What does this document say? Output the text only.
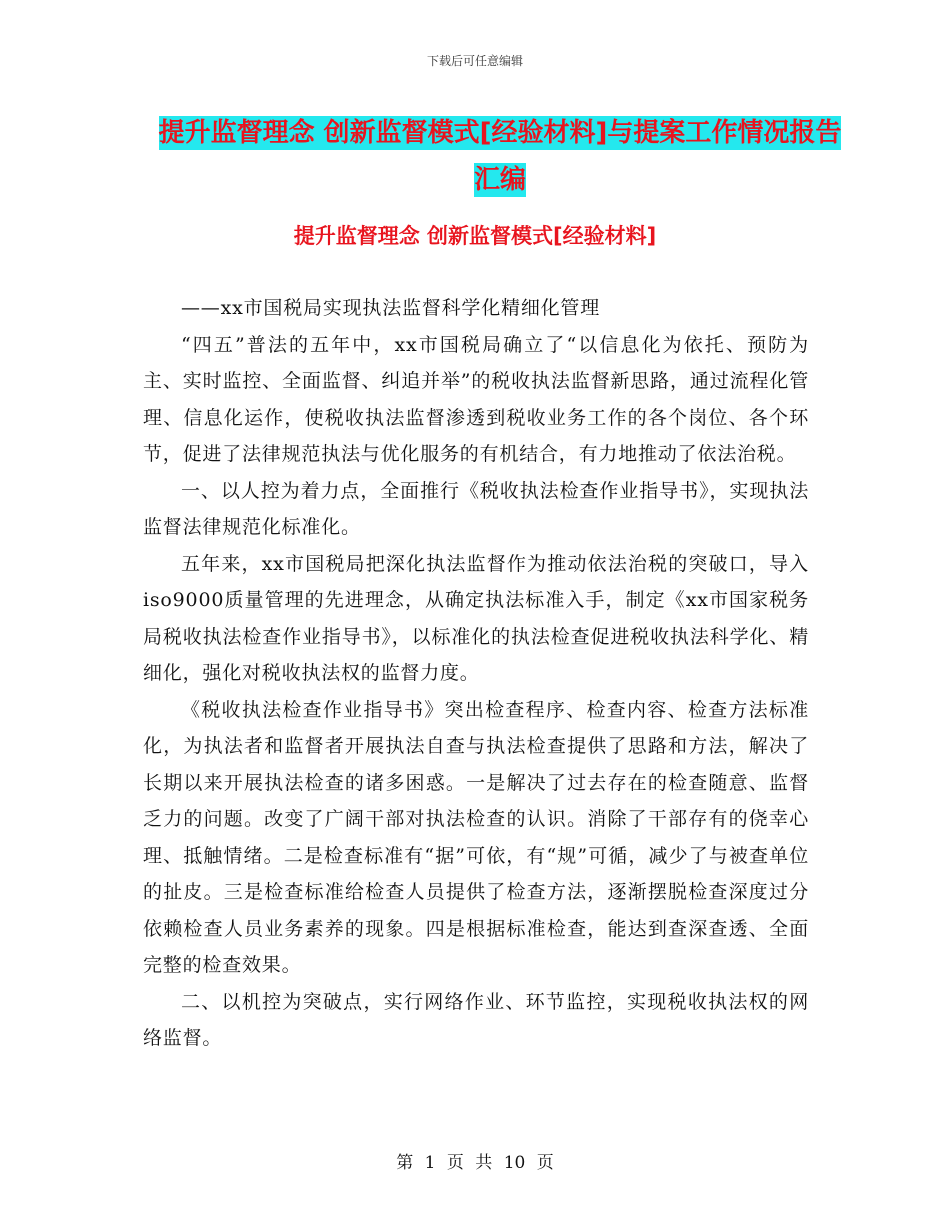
下载后可任意编辑
提升监督理念 创新监督模式[经验材料]与提案工作情况报告汇编
提升监督理念 创新监督模式[经验材料]

——xx市国税局实现执法监督科学化精细化管理

“四五”普法的五年中，xx市国税局确立了“以信息化为依托、预防为主、实时监控、全面监督、纠追并举”的税收执法监督新思路，通过流程化管理、信息化运作，使税收执法监督渗透到税收业务工作的各个岗位、各个环节，促进了法律规范执法与优化服务的有机结合，有力地推动了依法治税。

一、以人控为着力点，全面推行《税收执法检查作业指导书》，实现执法监督法律规范化标准化。

五年来，xx市国税局把深化执法监督作为推动依法治税的突破口，导入iso9000质量管理的先进理念，从确定执法标准入手，制定《xx市国家税务局税收执法检查作业指导书》，以标准化的执法检查促进税收执法科学化、精细化，强化对税收执法权的监督力度。

《税收执法检查作业指导书》突出检查程序、检查内容、检查方法标准化，为执法者和监督者开展执法自查与执法检查提供了思路和方法，解决了长期以来开展执法检查的诸多困惑。一是解决了过去存在的检查随意、监督乏力的问题。改变了广阔干部对执法检查的认识。消除了干部存有的侥幸心理、抵触情绪。二是检查标准有“据”可依，有“规”可循，减少了与被查单位的扯皮。三是检查标准给检查人员提供了检查方法，逐渐摆脱检查深度过分依赖检查人员业务素养的现象。四是根据标准检查，能达到查深查透、全面完整的检查效果。

二、以机控为突破点，实行网络作业、环节监控，实现税收执法权的网络监督。

第 1 页 共 10 页
